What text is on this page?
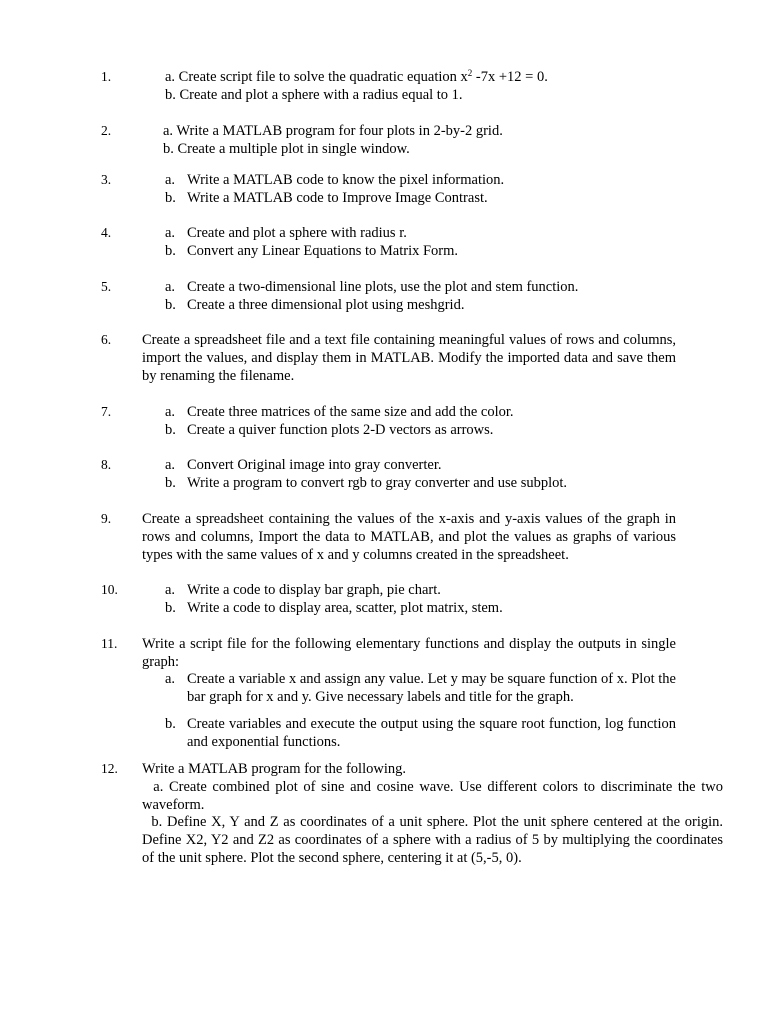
1.	a. Create script file to solve the quadratic equation $x^2$ -7x +12 = 0.
b. Create and plot a sphere with a radius equal to 1.
2.	a. Write a MATLAB program for four plots in 2-by-2 grid.
b. Create a multiple plot in single window.
3.	a. Write a MATLAB code to know the pixel information.
b. Write a MATLAB code to Improve Image Contrast.
4.	a. Create and plot a sphere with radius r.
b. Convert any Linear Equations to Matrix Form.
5.	a. Create a two-dimensional line plots, use the plot and stem function.
b. Create a three dimensional plot using meshgrid.
6. Create a spreadsheet file and a text file containing meaningful values of rows and columns, import the values, and display them in MATLAB. Modify the imported data and save them by renaming the filename.
7.	a. Create three matrices of the same size and add the color.
b. Create a quiver function plots 2-D vectors as arrows.
8.	a. Convert Original image into gray converter.
b. Write a program to convert rgb to gray converter and use subplot.
9. Create a spreadsheet containing the values of the x-axis and y-axis values of the graph in rows and columns, Import the data to MATLAB, and plot the values as graphs of various types with the same values of x and y columns created in the spreadsheet.
10.	a. Write a code to display bar graph, pie chart.
b. Write a code to display area, scatter, plot matrix, stem.
11. Write a script file for the following elementary functions and display the outputs in single graph:
a. Create a variable x and assign any value. Let y may be square function of x. Plot the bar graph for x and y. Give necessary labels and title for the graph.
b. Create variables and execute the output using the square root function, log function and exponential functions.
12. Write a MATLAB program for the following.
a. Create combined plot of sine and cosine wave. Use different colors to discriminate the two waveform.
b. Define X, Y and Z as coordinates of a unit sphere. Plot the unit sphere centered at the origin. Define X2, Y2 and Z2 as coordinates of a sphere with a radius of 5 by multiplying the coordinates of the unit sphere. Plot the second sphere, centering it at (5,-5, 0).
